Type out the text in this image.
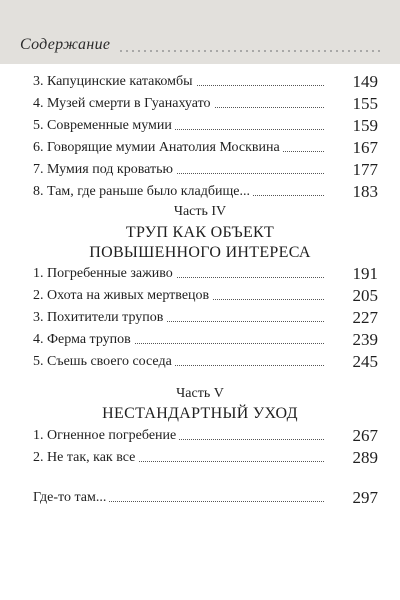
Содержание
3. Капуцинские катакомбы	149
4. Музей смерти в Гуанахуато	155
5. Современные мумии	159
6. Говорящие мумии Анатолия Москвина	167
7. Мумия под кроватью	177
8. Там, где раньше было кладбище...	183
Часть IV
ТРУП КАК ОБЪЕКТ
ПОВЫШЕННОГО ИНТЕРЕСА
1. Погребенные заживо	191
2. Охота на живых мертвецов	205
3. Похитители трупов	227
4. Ферма трупов	239
5. Съешь своего соседа	245
Часть V
НЕСТАНДАРТНЫЙ УХОД
1. Огненное погребение	267
2. Не так, как все	289
Где-то там...	297
